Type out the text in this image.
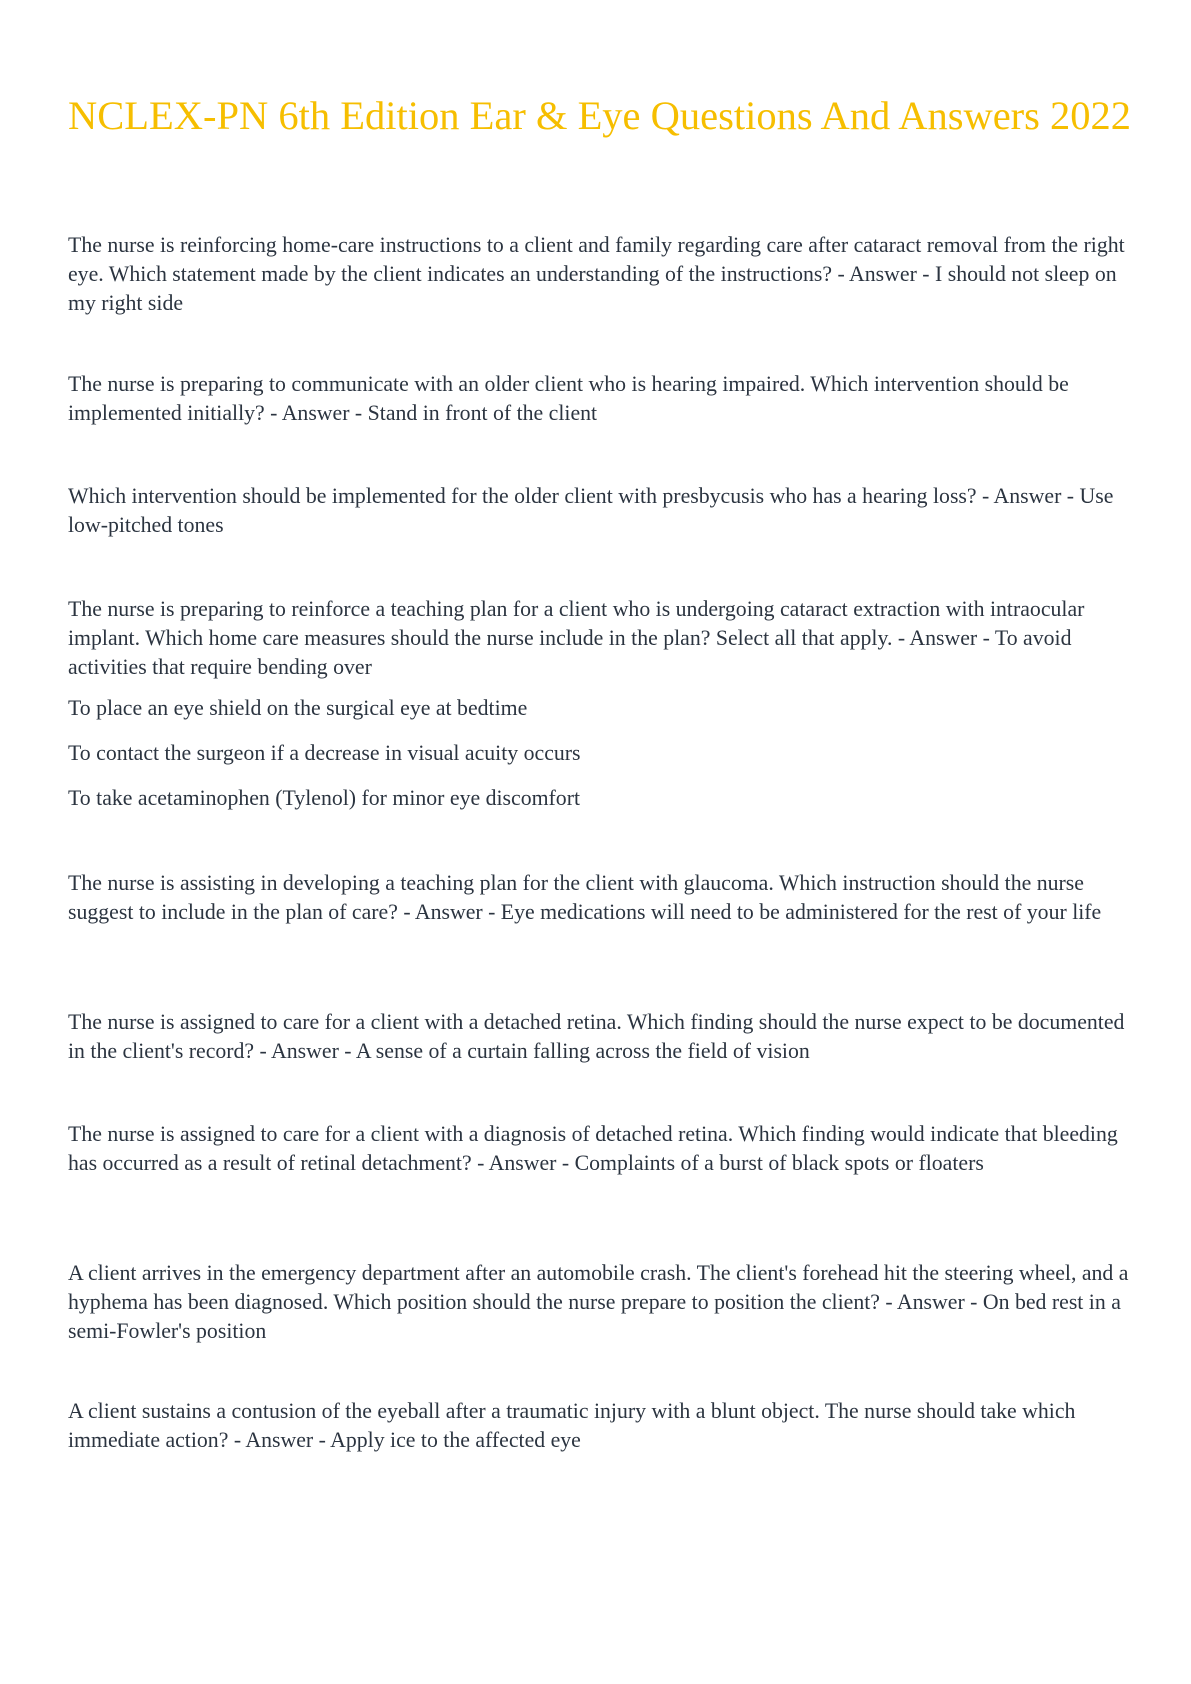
NCLEX-PN 6th Edition Ear & Eye Questions And Answers 2022

The nurse is reinforcing home-care instructions to a client and family regarding care after cataract removal from the right eye. Which statement made by the client indicates an understanding of the instructions? - Answer - I should not sleep on my right side

The nurse is preparing to communicate with an older client who is hearing impaired. Which intervention should be implemented initially? - Answer - Stand in front of the client

Which intervention should be implemented for the older client with presbycusis who has a hearing loss? - Answer - Use low-pitched tones

The nurse is preparing to reinforce a teaching plan for a client who is undergoing cataract extraction with intraocular implant. Which home care measures should the nurse include in the plan? Select all that apply. - Answer - To avoid activities that require bending over

To place an eye shield on the surgical eye at bedtime

To contact the surgeon if a decrease in visual acuity occurs

To take acetaminophen (Tylenol) for minor eye discomfort

The nurse is assisting in developing a teaching plan for the client with glaucoma. Which instruction should the nurse suggest to include in the plan of care? - Answer - Eye medications will need to be administered for the rest of your life

The nurse is assigned to care for a client with a detached retina. Which finding should the nurse expect to be documented in the client's record? - Answer - A sense of a curtain falling across the field of vision

The nurse is assigned to care for a client with a diagnosis of detached retina. Which finding would indicate that bleeding has occurred as a result of retinal detachment? - Answer - Complaints of a burst of black spots or floaters

A client arrives in the emergency department after an automobile crash. The client's forehead hit the steering wheel, and a hyphema has been diagnosed. Which position should the nurse prepare to position the client? - Answer - On bed rest in a semi-Fowler's position

A client sustains a contusion of the eyeball after a traumatic injury with a blunt object. The nurse should take which immediate action? - Answer - Apply ice to the affected eye
